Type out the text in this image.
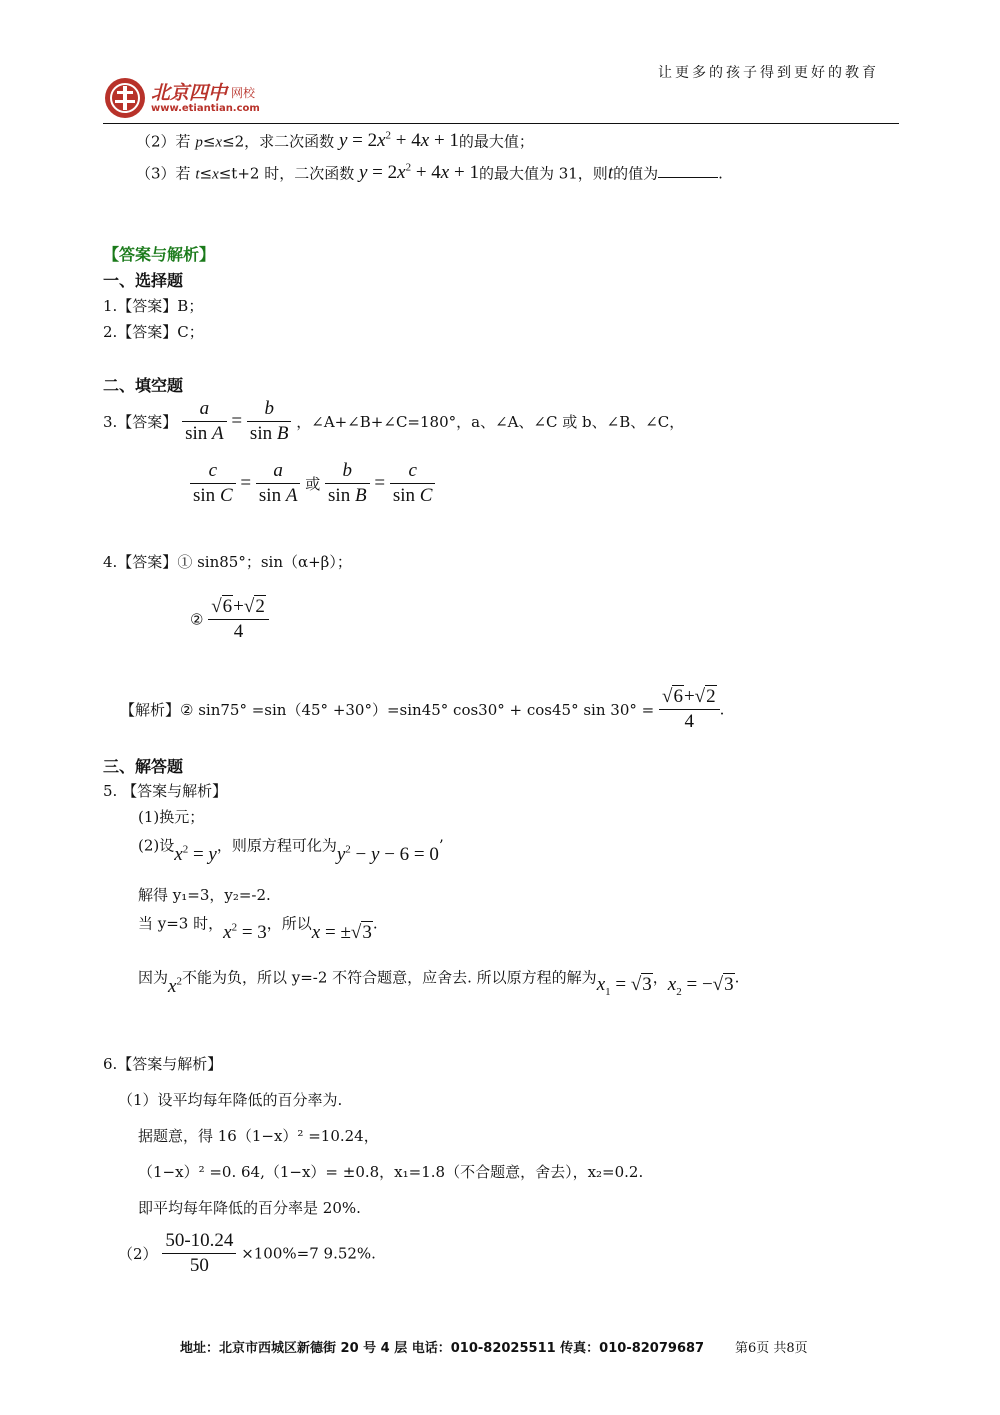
北京四中 网校
www.etiantian.com
让更多的孩子得到更好的教育
（2）若 p≤x≤2，求二次函数 $y = 2x^2 + 4x + 1$的最大值；
（3）若 t≤x≤t+2 时，二次函数 $y = 2x^2 + 4x + 1$的最大值为 31，则t的值为	.
【答案与解析】
一、选择题
1.【答案】B；
2.【答案】C；
二、填空题
3.【答案】 $\frac{a}{\text{sin A}} = \frac{b}{\text{sin B}}$ ，∠A+∠B+∠C=180°，a、∠A、∠C 或 b、∠B、∠C，
$\frac{c}{\text{sin C}} = \frac{a}{\text{sin A}}$ 或 $\frac{b}{\text{sin B}} = \frac{c}{\text{sin C}}$
4.【答案】① sin85°；sin（α+β）；
② $\frac{√6+√2}{4}$
【解析】② sin75° =sin（45° +30°）=sin45° cos30° + cos45° $\sin 30^\circ = \frac{√6+√2}{4}$ .
三、解答题
5. 【答案与解析】
(1)换元；
(2)设$x^2 = y$，则原方程可化为$y^2 - y - 6 = 0$’
解得 y₁=3，y₂=-2.
当 y=3 时，$x^2 = 3$，所以x = ±√3.
因为$x^2$不能为负，所以 y=-2 不符合题意，应舍去. 所以原方程的解为$x_1 = √3$，$x_2 = -√3$.
6.【答案与解析】
（1）设平均每年降低的百分率为.
据题意，得 16（1−x）² =10.24，
（1−x）² =0. 64,（1−x）= ±0.8，x₁=1.8（不合题意，舍去），x₂=0.2.
即平均每年降低的百分率是 20%.
$(2) \frac{50-10.24}{50} \times 100\%=7$ 9.52%.
地址：北京市西城区新德街 20 号 4 层 电话：010-82025511 传真：010-82079687 第6页 共8页
